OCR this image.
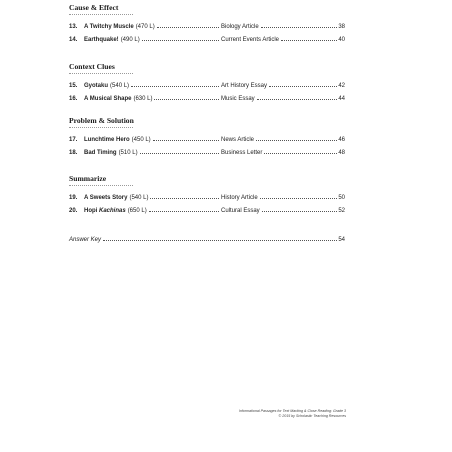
Cause & Effect
13.	A Twitchy Muscle (470 L)	Biology Article	38
14.	Earthquake! (490 L)	Current Events Article	40
Context Clues
15.	Gyotaku (540 L)	Art History Essay	42
16.	A Musical Shape (630 L)	Music Essay	44
Problem & Solution
17.	Lunchtime Hero (450 L)	News Article	46
18.	Bad Timing (510 L)	Business Letter	48
Summarize
19.	A Sweets Story (540 L)	History Article	50
20.	Hopi Kachinas (650 L)	Cultural Essay	52
Answer Key	54
Informational Passages for Text Marking & Close Reading: Grade 3
© 2015 by Scholastic Teaching Resources
